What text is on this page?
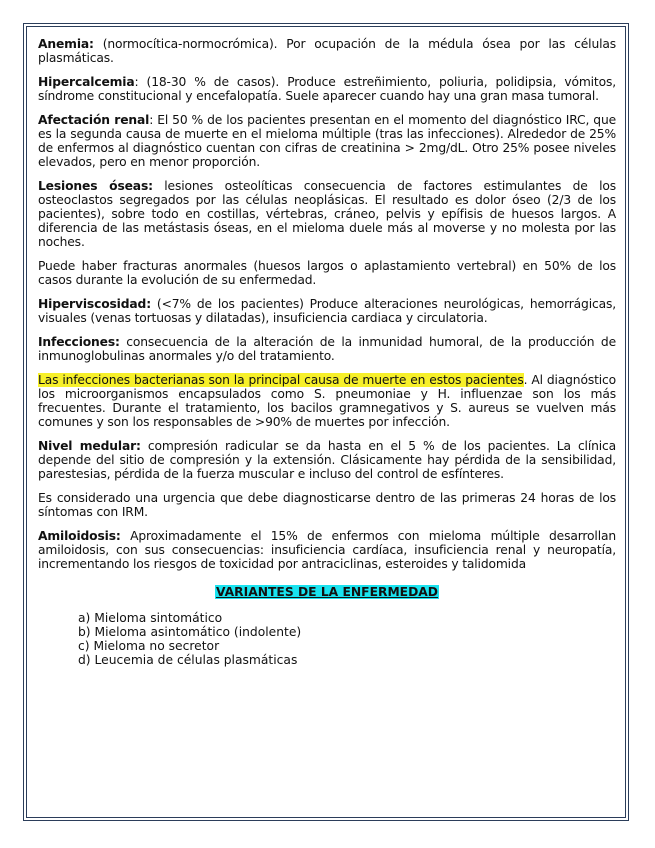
Anemia: (normocítica-normocrómica). Por ocupación de la médula ósea por las células plasmáticas.

Hipercalcemia: (18-30 % de casos). Produce estreñimiento, poliuria, polidipsia, vómitos, síndrome constitucional y encefalopatía. Suele aparecer cuando hay una gran masa tumoral.

Afectación renal: El 50 % de los pacientes presentan en el momento del diagnóstico IRC, que es la segunda causa de muerte en el mieloma múltiple (tras las infecciones). Alrededor de 25% de enfermos al diagnóstico cuentan con cifras de creatinina > 2mg/dL. Otro 25% posee niveles elevados, pero en menor proporción.

Lesiones óseas: lesiones osteolíticas consecuencia de factores estimulantes de los osteoclastos segregados por las células neoplásicas. El resultado es dolor óseo (2/3 de los pacientes), sobre todo en costillas, vértebras, cráneo, pelvis y epífisis de huesos largos. A diferencia de las metástasis óseas, en el mieloma duele más al moverse y no molesta por las noches.

Puede haber fracturas anormales (huesos largos o aplastamiento vertebral) en 50% de los casos durante la evolución de su enfermedad.

Hiperviscosidad: (<7% de los pacientes) Produce alteraciones neurológicas, hemorrágicas, visuales (venas tortuosas y dilatadas), insuficiencia cardiaca y circulatoria.

Infecciones: consecuencia de la alteración de la inmunidad humoral, de la producción de inmunoglobulinas anormales y/o del tratamiento.

Las infecciones bacterianas son la principal causa de muerte en estos pacientes. Al diagnóstico los microorganismos encapsulados como S. pneumoniae y H. influenzae son los más frecuentes. Durante el tratamiento, los bacilos gramnegativos y S. aureus se vuelven más comunes y son los responsables de >90% de muertes por infección.

Nivel medular: compresión radicular se da hasta en el 5 % de los pacientes. La clínica depende del sitio de compresión y la extensión. Clásicamente hay pérdida de la sensibilidad, parestesias, pérdida de la fuerza muscular e incluso del control de esfínteres.

Es considerado una urgencia que debe diagnosticarse dentro de las primeras 24 horas de los síntomas con IRM.

Amiloidosis: Aproximadamente el 15% de enfermos con mieloma múltiple desarrollan amiloidosis, con sus consecuencias: insuficiencia cardíaca, insuficiencia renal y neuropatía, incrementando los riesgos de toxicidad por antraciclinas, esteroides y talidomida

VARIANTES DE LA ENFERMEDAD
a) Mieloma sintomático
b) Mieloma asintomático (indolente)
c) Mieloma no secretor
d) Leucemia de células plasmáticas
